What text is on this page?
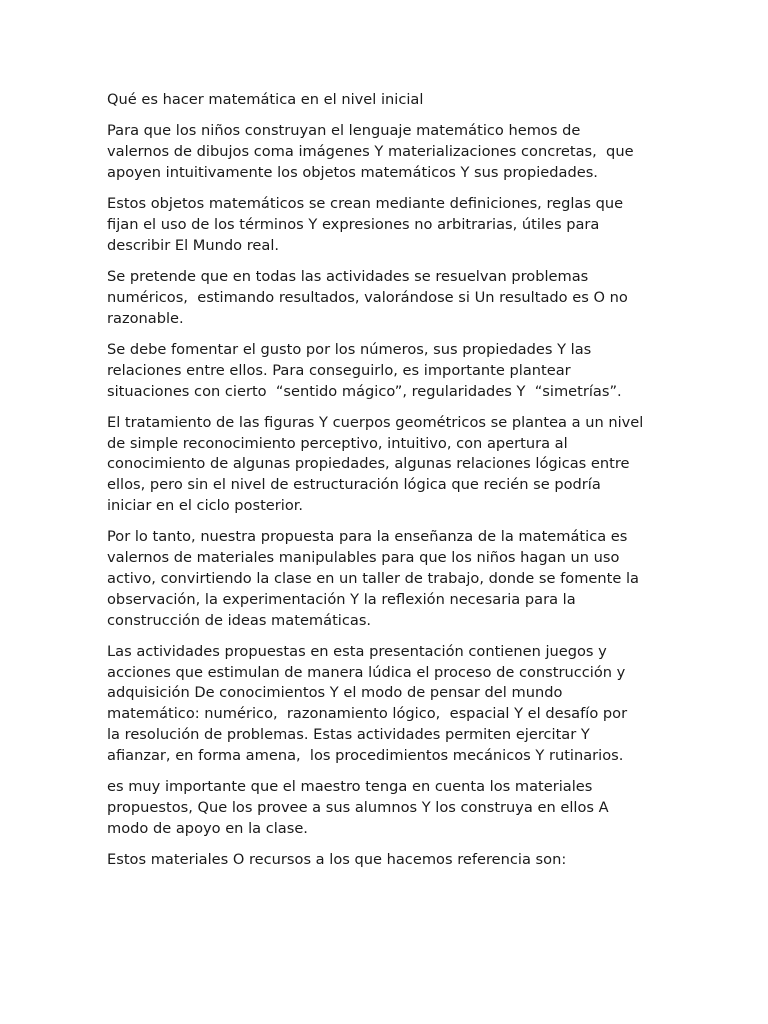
Qué es hacer matemática en el nivel inicial

Para que los niños construyan el lenguaje matemático hemos de
valernos de dibujos coma imágenes Y materializaciones concretas,  que
apoyen intuitivamente los objetos matemáticos Y sus propiedades.

Estos objetos matemáticos se crean mediante definiciones, reglas que
fijan el uso de los términos Y expresiones no arbitrarias, útiles para
describir El Mundo real.

Se pretende que en todas las actividades se resuelvan problemas
numéricos,  estimando resultados, valorándose si Un resultado es O no
razonable.

Se debe fomentar el gusto por los números, sus propiedades Y las
relaciones entre ellos. Para conseguirlo, es importante plantear
situaciones con cierto  “sentido mágico”, regularidades Y  “simetrías”.

El tratamiento de las figuras Y cuerpos geométricos se plantea a un nivel
de simple reconocimiento perceptivo, intuitivo, con apertura al
conocimiento de algunas propiedades, algunas relaciones lógicas entre
ellos, pero sin el nivel de estructuración lógica que recién se podría
iniciar en el ciclo posterior.

Por lo tanto, nuestra propuesta para la enseñanza de la matemática es
valernos de materiales manipulables para que los niños hagan un uso
activo, convirtiendo la clase en un taller de trabajo, donde se fomente la
observación, la experimentación Y la reflexión necesaria para la
construcción de ideas matemáticas.

Las actividades propuestas en esta presentación contienen juegos y
acciones que estimulan de manera lúdica el proceso de construcción y
adquisición De conocimientos Y el modo de pensar del mundo
matemático: numérico,  razonamiento lógico,  espacial Y el desafío por
la resolución de problemas. Estas actividades permiten ejercitar Y
afianzar, en forma amena,  los procedimientos mecánicos Y rutinarios.

es muy importante que el maestro tenga en cuenta los materiales
propuestos, Que los provee a sus alumnos Y los construya en ellos A
modo de apoyo en la clase.

Estos materiales O recursos a los que hacemos referencia son:
